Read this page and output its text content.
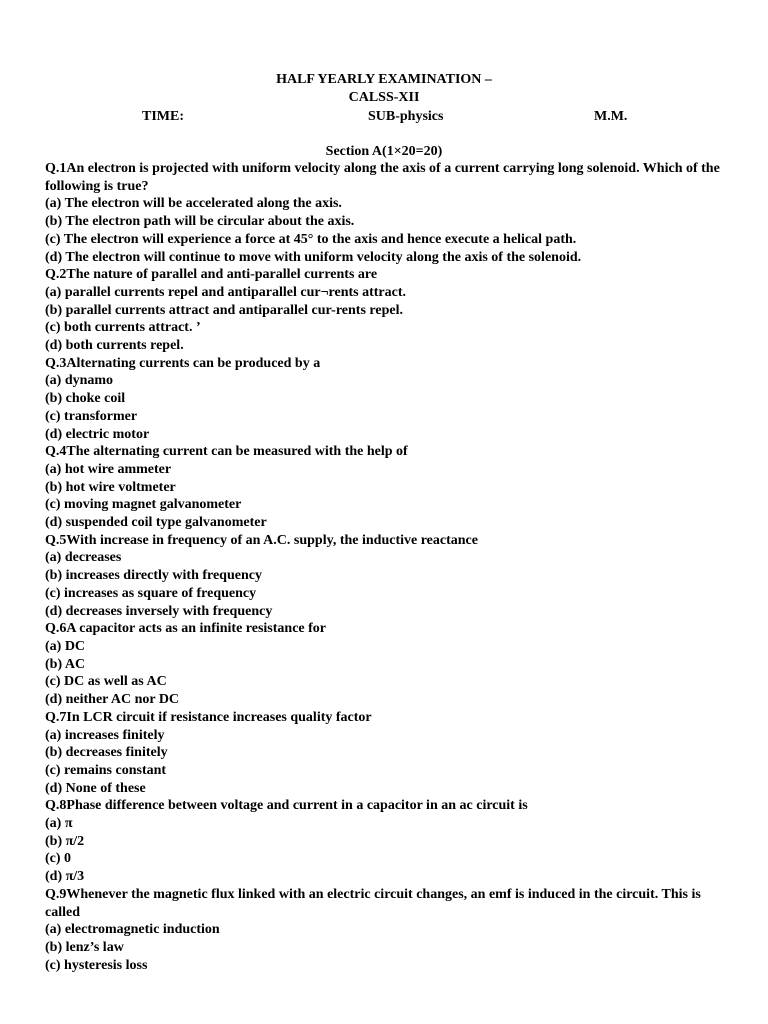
HALF YEARLY EXAMINATION –
CALSS-XII
TIME:	SUB-physics	M.M.
Section A(1×20=20)
Q.1An electron is projected with uniform velocity along the axis of a current carrying long solenoid. Which of the following is true?
(a) The electron will be accelerated along the axis.
(b) The electron path will be circular about the axis.
(c) The electron will experience a force at 45° to the axis and hence execute a helical path.
(d) The electron will continue to move with uniform velocity along the axis of the solenoid.
Q.2The nature of parallel and anti-parallel currents are
(a) parallel currents repel and antiparallel cur¬rents attract.
(b) parallel currents attract and antiparallel cur-rents repel.
(c) both currents attract. ’
(d) both currents repel.
Q.3Alternating currents can be produced by a
(a) dynamo
(b) choke coil
(c) transformer
(d) electric motor
Q.4The alternating current can be measured with the help of
(a) hot wire ammeter
(b) hot wire voltmeter
(c) moving magnet galvanometer
(d) suspended coil type galvanometer
Q.5With increase in frequency of an A.C. supply, the inductive reactance
(a) decreases
(b) increases directly with frequency
(c) increases as square of frequency
(d) decreases inversely with frequency
Q.6A capacitor acts as an infinite resistance for
(a) DC
(b) AC
(c) DC as well as AC
(d) neither AC nor DC
Q.7In LCR circuit if resistance increases quality factor
(a) increases finitely
(b) decreases finitely
(c) remains constant
(d) None of these
Q.8Phase difference between voltage and current in a capacitor in an ac circuit is
(a) π
(b) π/2
(c) 0
(d) π/3
Q.9Whenever the magnetic flux linked with an electric circuit changes, an emf is induced in the circuit. This is called
(a) electromagnetic induction
(b) lenz’s law
(c) hysteresis loss
